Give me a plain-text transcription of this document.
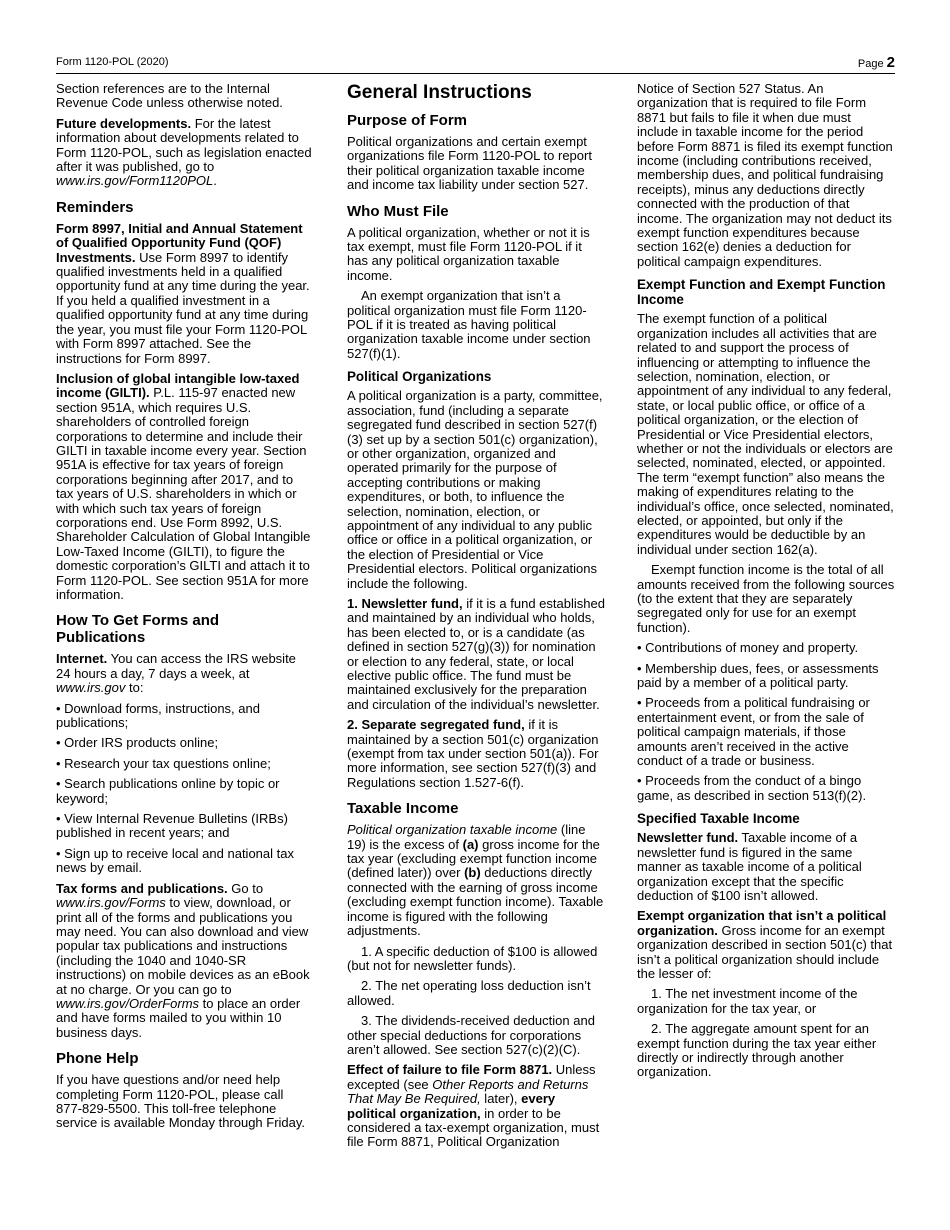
Form 1120-POL (2020)	Page 2

Section references are to the Internal Revenue Code unless otherwise noted.

Future developments. For the latest information about developments related to Form 1120-POL, such as legislation enacted after it was published, go to www.irs.gov/Form1120POL.

Reminders

Form 8997, Initial and Annual Statement of Qualified Opportunity Fund (QOF) Investments. Use Form 8997 to identify qualified investments held in a qualified opportunity fund at any time during the year. If you held a qualified investment in a qualified opportunity fund at any time during the year, you must file your Form 1120-POL with Form 8997 attached. See the instructions for Form 8997.

Inclusion of global intangible low-taxed income (GILTI). P.L. 115-97 enacted new section 951A, which requires U.S. shareholders of controlled foreign corporations to determine and include their GILTI in taxable income every year. Section 951A is effective for tax years of foreign corporations beginning after 2017, and to tax years of U.S. shareholders in which or with which such tax years of foreign corporations end. Use Form 8992, U.S. Shareholder Calculation of Global Intangible Low-Taxed Income (GILTI), to figure the domestic corporation’s GILTI and attach it to Form 1120-POL. See section 951A for more information.

How To Get Forms and Publications

Internet. You can access the IRS website 24 hours a day, 7 days a week, at www.irs.gov to:

• Download forms, instructions, and publications;

• Order IRS products online;

• Research your tax questions online;

• Search publications online by topic or keyword;

• View Internal Revenue Bulletins (IRBs) published in recent years; and

• Sign up to receive local and national tax news by email.

Tax forms and publications. Go to www.irs.gov/Forms to view, download, or print all of the forms and publications you may need. You can also download and view popular tax publications and instructions (including the 1040 and 1040-SR instructions) on mobile devices as an eBook at no charge. Or you can go to www.irs.gov/OrderForms to place an order and have forms mailed to you within 10 business days.

Phone Help

If you have questions and/or need help completing Form 1120-POL, please call 877-829-5500. This toll-free telephone service is available Monday through Friday.

General Instructions
Purpose of Form

Political organizations and certain exempt organizations file Form 1120-POL to report their political organization taxable income and income tax liability under section 527.

Who Must File

A political organization, whether or not it is tax exempt, must file Form 1120-POL if it has any political organization taxable income.

An exempt organization that isn’t a political organization must file Form 1120-POL if it is treated as having political organization taxable income under section 527(f)(1).

Political Organizations

A political organization is a party, committee, association, fund (including a separate segregated fund described in section 527(f)(3) set up by a section 501(c) organization), or other organization, organized and operated primarily for the purpose of accepting contributions or making expenditures, or both, to influence the selection, nomination, election, or appointment of any individual to any public office or office in a political organization, or the election of Presidential or Vice Presidential electors. Political organizations include the following.

1. Newsletter fund, if it is a fund established and maintained by an individual who holds, has been elected to, or is a candidate (as defined in section 527(g)(3)) for nomination or election to any federal, state, or local elective public office. The fund must be maintained exclusively for the preparation and circulation of the individual’s newsletter.

2. Separate segregated fund, if it is maintained by a section 501(c) organization (exempt from tax under section 501(a)). For more information, see section 527(f)(3) and Regulations section 1.527-6(f).

Taxable Income

Political organization taxable income (line 19) is the excess of (a) gross income for the tax year (excluding exempt function income (defined later)) over (b) deductions directly connected with the earning of gross income (excluding exempt function income). Taxable income is figured with the following adjustments.

1. A specific deduction of $100 is allowed (but not for newsletter funds).

2. The net operating loss deduction isn’t allowed.

3. The dividends-received deduction and other special deductions for corporations aren’t allowed. See section 527(c)(2)(C).

Effect of failure to file Form 8871. Unless excepted (see Other Reports and Returns That May Be Required, later), every political organization, in order to be considered a tax-exempt organization, must file Form 8871, Political Organization

Notice of Section 527 Status. An organization that is required to file Form 8871 but fails to file it when due must include in taxable income for the period before Form 8871 is filed its exempt function income (including contributions received, membership dues, and political fundraising receipts), minus any deductions directly connected with the production of that income. The organization may not deduct its exempt function expenditures because section 162(e) denies a deduction for political campaign expenditures.

Exempt Function and Exempt Function Income

The exempt function of a political organization includes all activities that are related to and support the process of influencing or attempting to influence the selection, nomination, election, or appointment of any individual to any federal, state, or local public office, or office of a political organization, or the election of Presidential or Vice Presidential electors, whether or not the individuals or electors are selected, nominated, elected, or appointed. The term “exempt function” also means the making of expenditures relating to the individual’s office, once selected, nominated, elected, or appointed, but only if the expenditures would be deductible by an individual under section 162(a).

Exempt function income is the total of all amounts received from the following sources (to the extent that they are separately segregated only for use for an exempt function).

• Contributions of money and property.

• Membership dues, fees, or assessments paid by a member of a political party.

• Proceeds from a political fundraising or entertainment event, or from the sale of political campaign materials, if those amounts aren’t received in the active conduct of a trade or business.

• Proceeds from the conduct of a bingo game, as described in section 513(f)(2).

Specified Taxable Income

Newsletter fund. Taxable income of a newsletter fund is figured in the same manner as taxable income of a political organization except that the specific deduction of $100 isn’t allowed.

Exempt organization that isn’t a political organization. Gross income for an exempt organization described in section 501(c) that isn’t a political organization should include the lesser of:

1. The net investment income of the organization for the tax year, or

2. The aggregate amount spent for an exempt function during the tax year either directly or indirectly through another organization.
